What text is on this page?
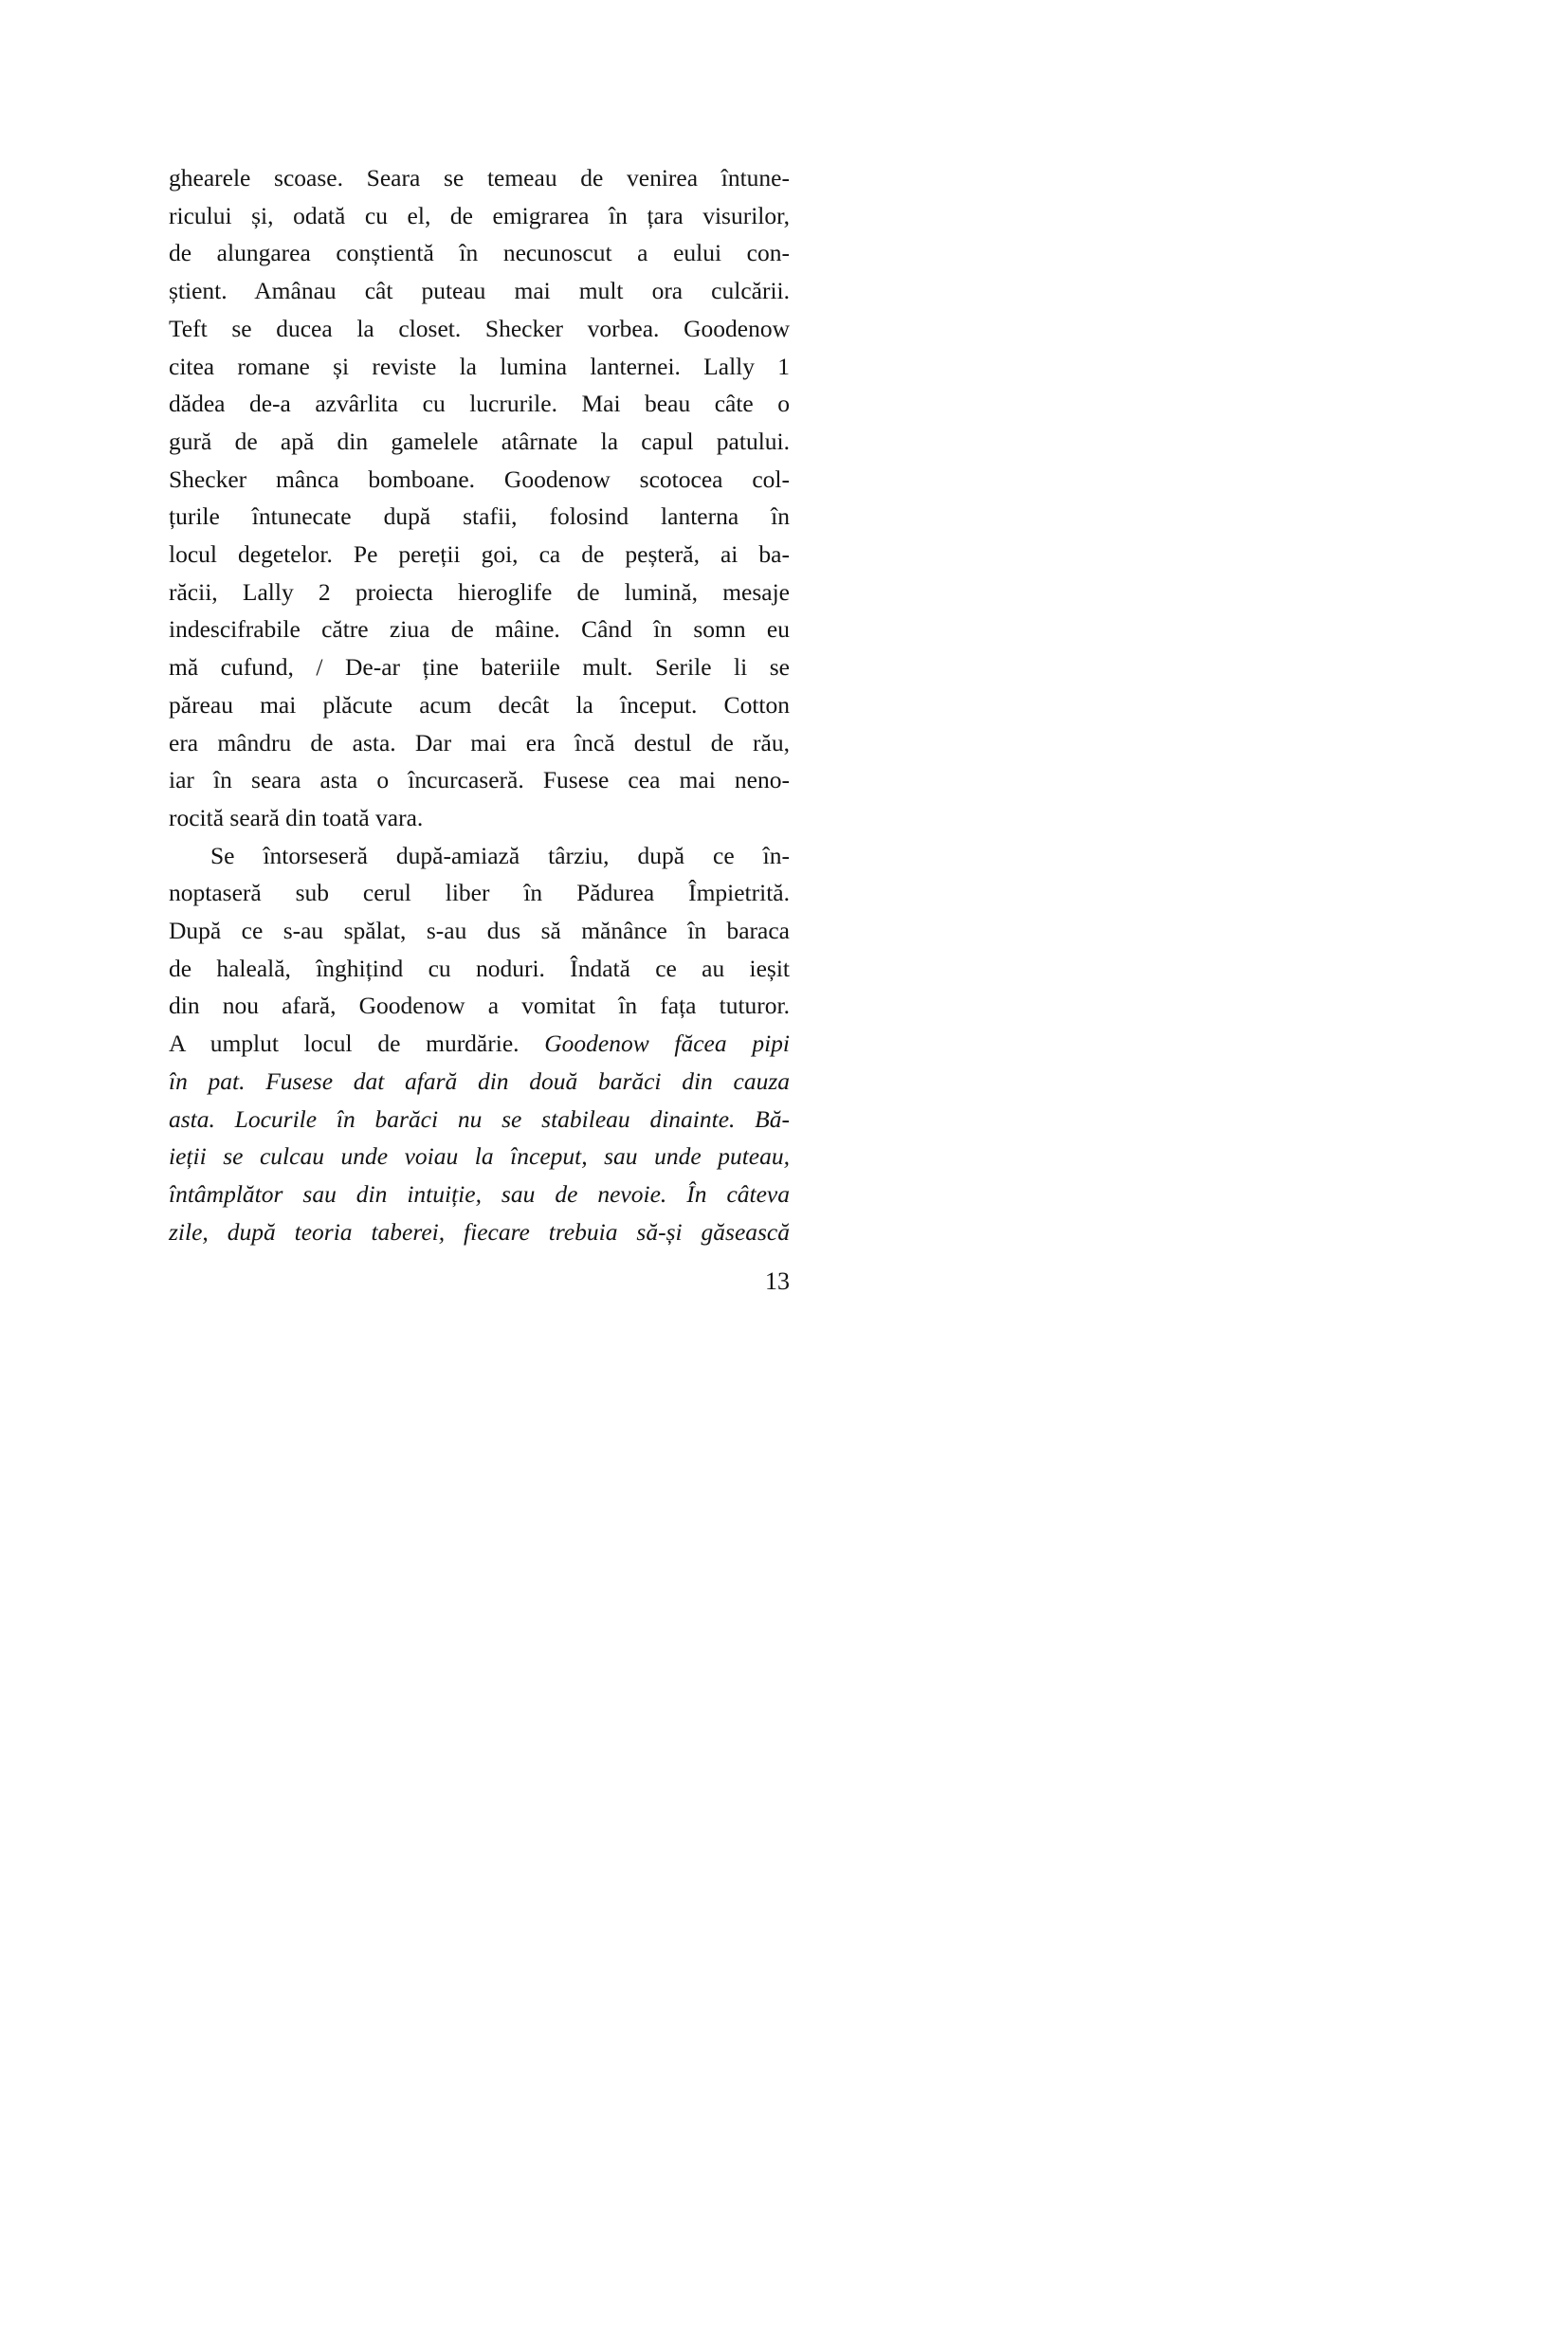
ghearele scoase. Seara se temeau de venirea întune-
ricului și, odată cu el, de emigrarea în țara visurilor,
de alungarea conștientă în necunoscut a eului con-
știent. Amânau cât puteau mai mult ora culcării.
Teft se ducea la closet. Shecker vorbea. Goodenow
citea romane și reviste la lumina lanternei. Lally 1
dădea de-a azvârlita cu lucrurile. Mai beau câte o
gură de apă din gamelele atârnate la capul patului.
Shecker mânca bomboane. Goodenow scotocea col-
țurile întunecate după stafii, folosind lanterna în
locul degetelor. Pe pereții goi, ca de peșteră, ai ba-
răcii, Lally 2 proiecta hieroglife de lumină, mesaje
indescifrabile către ziua de mâine. Când în somn eu
mă cufund, / De-ar ține bateriile mult. Serile li se
păreau mai plăcute acum decât la început. Cotton
era mândru de asta. Dar mai era încă destul de rău,
iar în seara asta o încurcaseră. Fusese cea mai neno-
rocită seară din toată vara.
Se întorseseră după-amiază târziu, după ce în-
noptaseră sub cerul liber în Pădurea Împietrită.
După ce s-au spălat, s-au dus să mănânce în baraca
de haleală, înghițind cu noduri. Îndată ce au ieșit
din nou afară, Goodenow a vomitat în fața tuturor.
A umplut locul de murdărie. Goodenow făcea pipi
în pat. Fusese dat afară din două barăci din cauza
asta. Locurile în barăci nu se stabileau dinainte. Bă-
ieții se culcau unde voiau la început, sau unde puteau,
întâmplător sau din intuiție, sau de nevoie. În câteva
zile, după teoria taberei, fiecare trebuia să-și găsească
13
